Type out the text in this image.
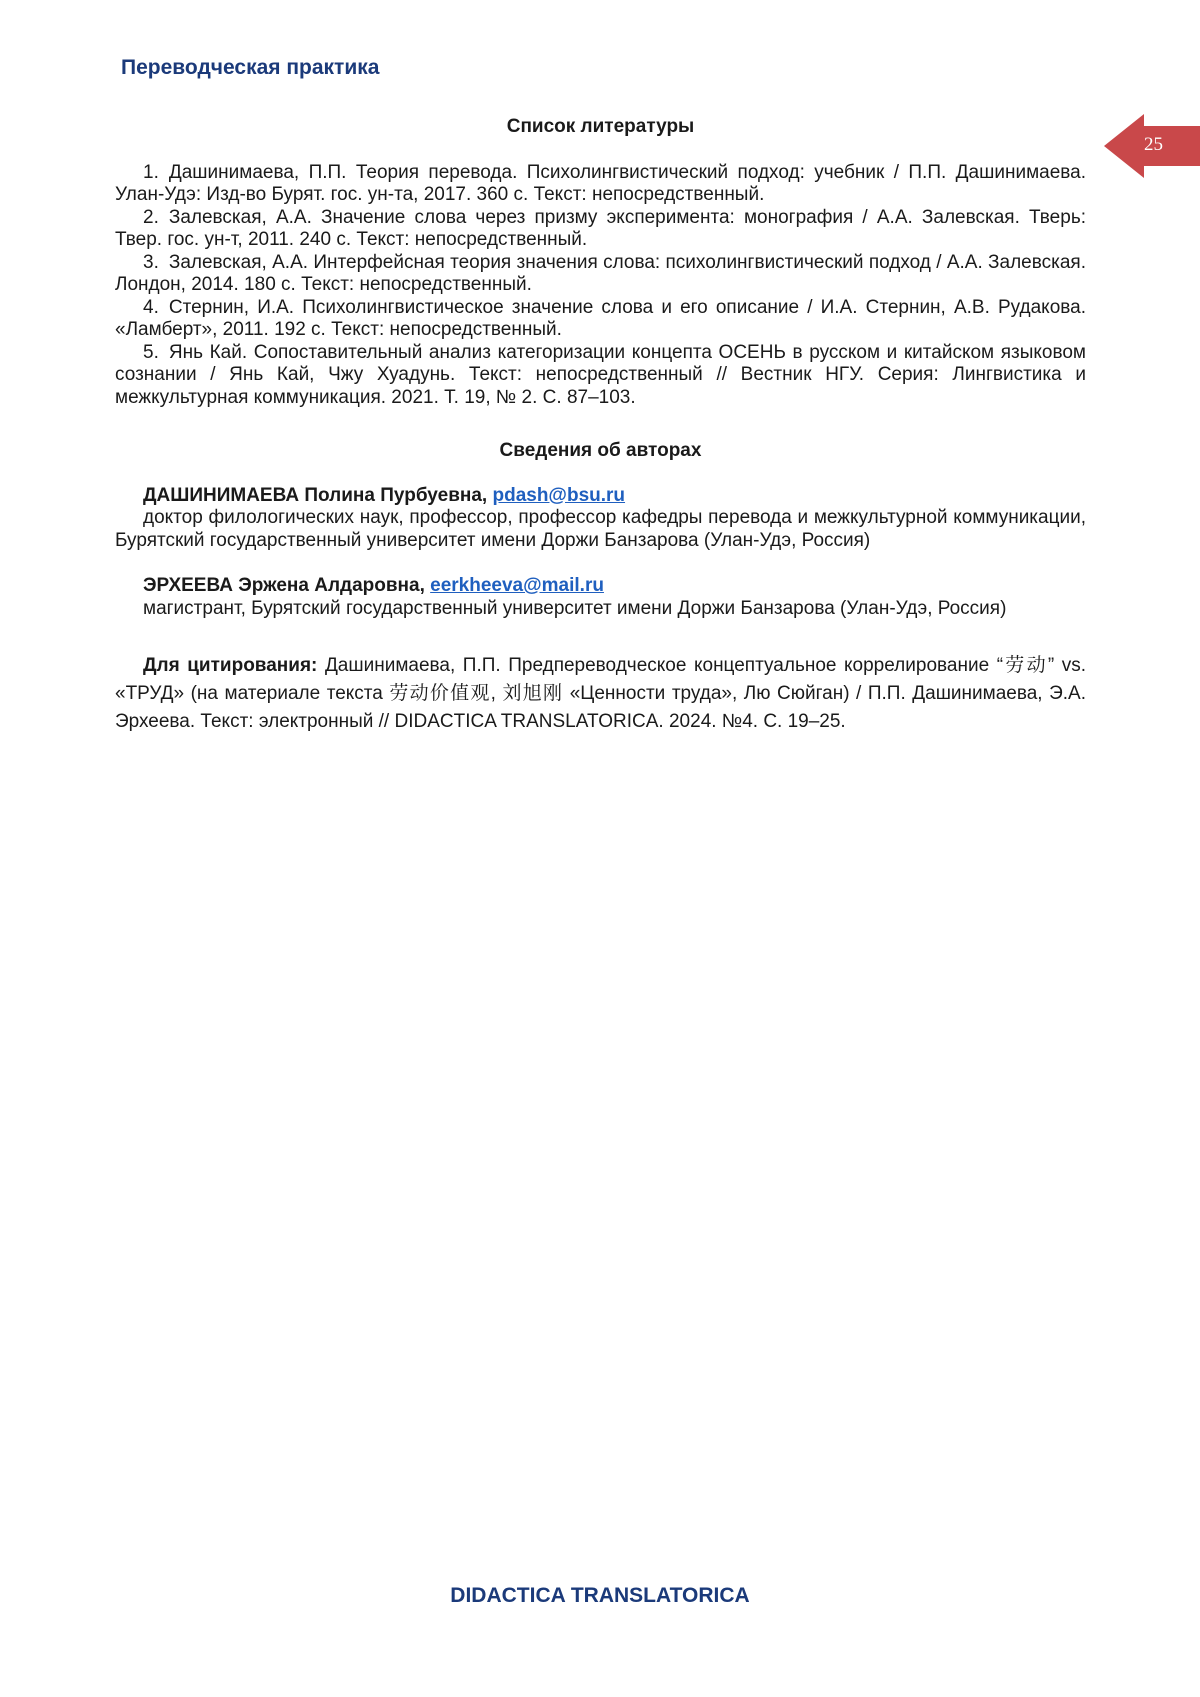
Переводческая практика
25
Список литературы
1. Дашинимаева, П.П. Теория перевода. Психолингвистический подход: учебник / П.П. Дашинимаева. Улан-Удэ: Изд-во Бурят. гос. ун-та, 2017. 360 с. Текст: непосредственный.
2. Залевская, А.А. Значение слова через призму эксперимента: монография / А.А. Залевская. Тверь: Твер. гос. ун-т, 2011. 240 с. Текст: непосредственный.
3. Залевская, А.А. Интерфейсная теория значения слова: психолингвистический подход / А.А. Залевская. Лондон, 2014. 180 с. Текст: непосредственный.
4. Стернин, И.А. Психолингвистическое значение слова и его описание / И.А. Стернин, А.В. Рудакова. «Ламберт», 2011. 192 с. Текст: непосредственный.
5. Янь Кай. Сопоставительный анализ категоризации концепта ОСЕНЬ в русском и китайском языковом сознании / Янь Кай, Чжу Хуадунь. Текст: непосредственный // Вестник НГУ. Серия: Лингвистика и межкультурная коммуникация. 2021. Т. 19, № 2. С. 87–103.
Сведения об авторах
ДАШИНИМАЕВА Полина Пурбуевна, pdash@bsu.ru
доктор филологических наук, профессор, профессор кафедры перевода и межкультурной коммуникации, Бурятский государственный университет имени Доржи Банзарова (Улан-Удэ, Россия)
ЭРХЕЕВА Эржена Алдаровна, eerkheeva@mail.ru
магистрант, Бурятский государственный университет имени Доржи Банзарова (Улан-Удэ, Россия)

Для цитирования: Дашинимаева, П.П. Предпереводческое концептуальное коррелирование “劳动” vs. «ТРУД» (на материале текста 劳动价值观, 刘旭刚 «Ценности труда», Лю Сюйган) / П.П. Дашинимаева, Э.А. Эрхеева. Текст: электронный // DIDACTICA TRANSLATORICA. 2024. №4. С. 19–25.

DIDACTICA TRANSLATORICA
